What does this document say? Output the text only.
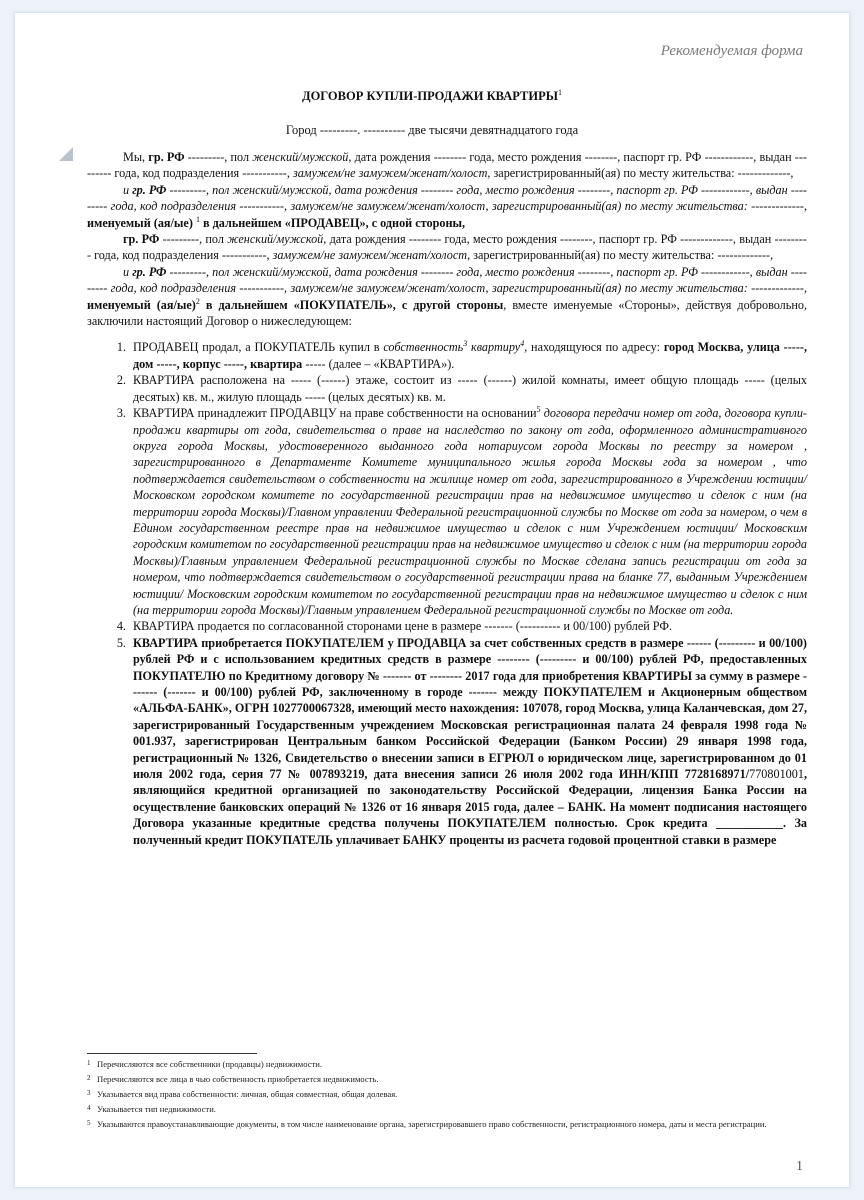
Рекомендуемая форма
ДОГОВОР КУПЛИ-ПРОДАЖИ КВАРТИРЫ$^1$
Город ---------. ---------- две тысячи девятнадцатого года

Мы, гр. РФ ---------, пол женский/мужской, дата рождения -------- года, место рождения --------, паспорт гр. РФ ------------, выдан --------- года, код подразделения -----------, замужем/не замужем/женат/холост, зарегистрированный(ая) по месту жительства: -------------,

и гр. РФ ---------, пол женский/мужской, дата рождения -------- года, место рождения --------, паспорт гр. РФ ------------, выдан --------- года, код подразделения -----------, замужем/не замужем/женат/холост, зарегистрированный(ая) по месту жительства: -------------, именуемый (ая/ые) $^1$ в дальнейшем «ПРОДАВЕЦ», с одной стороны,

гр. РФ ---------, пол женский/мужской, дата рождения -------- года, место рождения --------, паспорт гр. РФ -------------, выдан --------- года, код подразделения -----------, замужем/не замужем/женат/холост, зарегистрированный(ая) по месту жительства: -------------,

и гр. РФ ---------, пол женский/мужской, дата рождения -------- года, место рождения --------, паспорт гр. РФ ------------, выдан --------- года, код подразделения -----------, замужем/не замужем/женат/холост, зарегистрированный(ая) по месту жительства: -------------, именуемый $(ая/ые)^2$ в дальнейшем «ПОКУПАТЕЛЬ», с другой стороны, вместе именуемые «Стороны», действуя добровольно, заключили настоящий Договор о нижеследующем:

1. ПРОДАВЕЦ продал, а ПОКУПАТЕЛЬ купил в собственность$^3$ квартиру$^4$, находящуюся по адресу: город Москва, улица -----, дом -----, корпус -----, квартира ----- (далее – «КВАРТИРА»).
2. КВАРТИРА расположена на ----- (------) этаже, состоит из ----- (------) жилой комнаты, имеет общую площадь ----- (целых десятых) кв. м., жилую площадь ----- (целых десятых) кв. м.
3. КВАРТИРА принадлежит ПРОДАВЦУ на праве собственности на основании$^5$ договора передачи номер от года, договора купли-продажи квартиры от года, свидетельства о праве на наследство по закону от года, оформленного административного округа города Москвы, удостоверенного выданного года нотариусом города Москвы по реестру за номером , зарегистрированного в Департаменте Комитете муниципального жилья города Москвы года за номером , что подтверждается свидетельством о собственности на жилище номер от года, зарегистрированного в Учреждении юстиции/ Московском городском комитете по государственной регистрации прав на недвижимое имущество и сделок с ним (на территории города Москвы)/Главном управлении Федеральной регистрационной службы по Москве от года за номером, о чем в Едином государственном реестре прав на недвижимое имущество и сделок с ним Учреждением юстиции/ Московским городским комитетом по государственной регистрации прав на недвижимое имущество и сделок с ним (на территории города Москвы)/Главным управлением Федеральной регистрационной службы по Москве сделана запись регистрации от года за номером, что подтверждается свидетельством о государственной регистрации права на бланке 77, выданным Учреждением юстиции/ Московским городским комитетом по государственной регистрации прав на недвижимое имущество и сделок с ним (на территории города Москвы)/Главным управлением Федеральной регистрационной службы по Москве от года.
4. КВАРТИРА продается по согласованной сторонами цене в размере ------- (---------- и 00/100) рублей РФ.
5. КВАРТИРА приобретается ПОКУПАТЕЛЕМ у ПРОДАВЦА за счет собственных средств в размере ------ (--------- и 00/100) рублей РФ и с использованием кредитных средств в размере -------- (--------- и 00/100) рублей РФ, предоставленных ПОКУПАТЕЛЮ по Кредитному договору № ------- от -------- 2017 года для приобретения КВАРТИРЫ за сумму в размере ------- (------- и 00/100) рублей РФ, заключенному в городе ------- между ПОКУПАТЕЛЕМ и Акционерным обществом «АЛЬФА-БАНК», ОГРН 1027700067328, имеющий место нахождения: 107078, город Москва, улица Каланчевская, дом 27, зарегистрированный Государственным учреждением Московская регистрационная палата 24 февраля 1998 года № 001.937, зарегистрирован Центральным банком Российской Федерации (Банком России) 29 января 1998 года, регистрационный № 1326, Свидетельство о внесении записи в ЕГРЮЛ о юридическом лице, зарегистрированном до 01 июля 2002 года, серия 77 № 007893219, дата внесения записи 26 июля 2002 года ИНН/КПП 7728168971/770801001, являющийся кредитной организацией по законодательству Российской Федерации, лицензия Банка России на осуществление банковских операций № 1326 от 16 января 2015 года, далее – БАНК. На момент подписания настоящего Договора указанные кредитные средства получены ПОКУПАТЕЛЕМ полностью. Срок кредита ___________. За полученный кредит ПОКУПАТЕЛЬ уплачивает БАНКУ проценты из расчета годовой процентной ставки в размере
1 Перечисляются все собственники (продавцы) недвижимости.
2 Перечисляются все лица в чью собственность приобретается недвижимость.
3 Указывается вид права собственности: личная, общая совместная, общая долевая.
4 Указывается тип недвижимости.
5 Указываются правоустанавливающие документы, в том числе наименование органа, зарегистрировавшего право собственности, регистрационного номера, даты и места регистрации.
1
